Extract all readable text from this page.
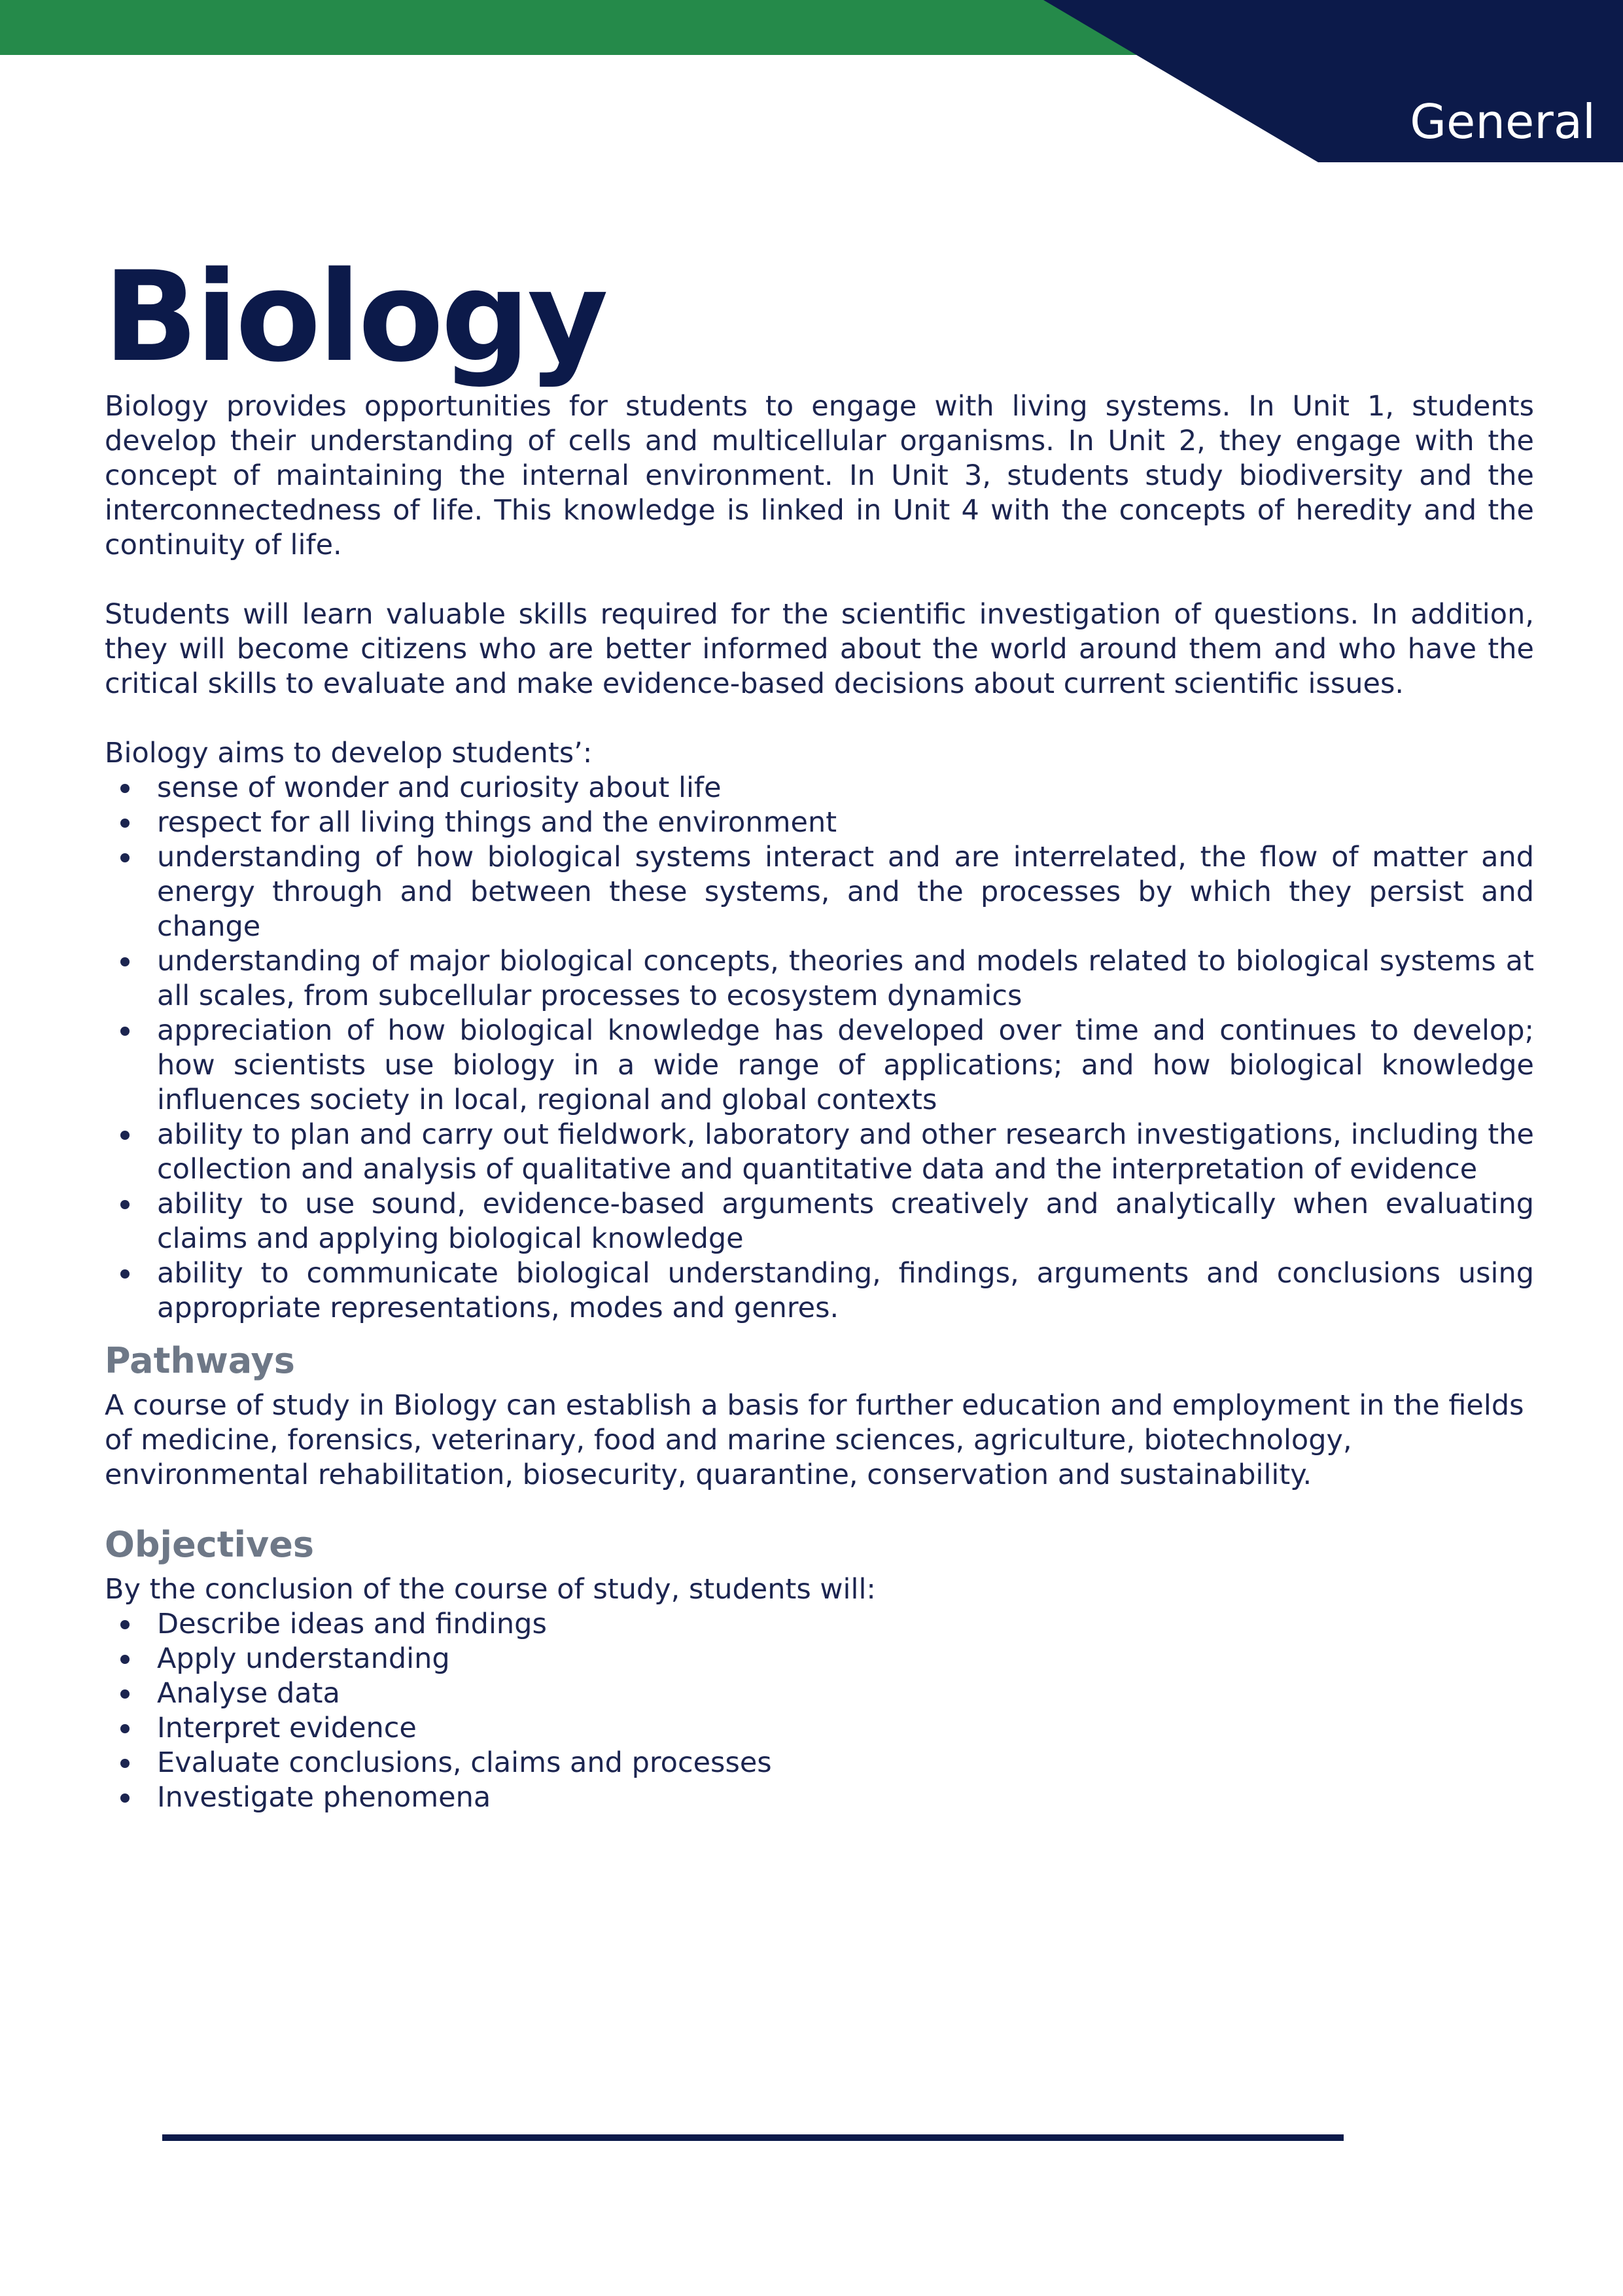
General
Biology

Biology provides opportunities for students to engage with living systems. In Unit 1, students develop their understanding of cells and multicellular organisms. In Unit 2, they engage with the concept of maintaining the internal environment. In Unit 3, students study biodiversity and the interconnectedness of life. This knowledge is linked in Unit 4 with the concepts of heredity and the continuity of life.

Students will learn valuable skills required for the scientific investigation of questions. In addition, they will become citizens who are better informed about the world around them and who have the critical skills to evaluate and make evidence-based decisions about current scientific issues.

Biology aims to develop students’:

sense of wonder and curiosity about life
respect for all living things and the environment
understanding of how biological systems interact and are interrelated, the flow of matter and energy through and between these systems, and the processes by which they persist and change
understanding of major biological concepts, theories and models related to biological systems at all scales, from subcellular processes to ecosystem dynamics
appreciation of how biological knowledge has developed over time and continues to develop; how scientists use biology in a wide range of applications; and how biological knowledge influences society in local, regional and global contexts
ability to plan and carry out fieldwork, laboratory and other research investigations, including the collection and analysis of qualitative and quantitative data and the interpretation of evidence
ability to use sound, evidence-based arguments creatively and analytically when evaluating claims and applying biological knowledge
ability to communicate biological understanding, findings, arguments and conclusions using appropriate representations, modes and genres.
Pathways

A course of study in Biology can establish a basis for further education and employment in the fields of medicine, forensics, veterinary, food and marine sciences, agriculture, biotechnology, environmental rehabilitation, biosecurity, quarantine, conservation and sustainability.

Objectives

By the conclusion of the course of study, students will:

Describe ideas and findings
Apply understanding
Analyse data
Interpret evidence
Evaluate conclusions, claims and processes
Investigate phenomena
